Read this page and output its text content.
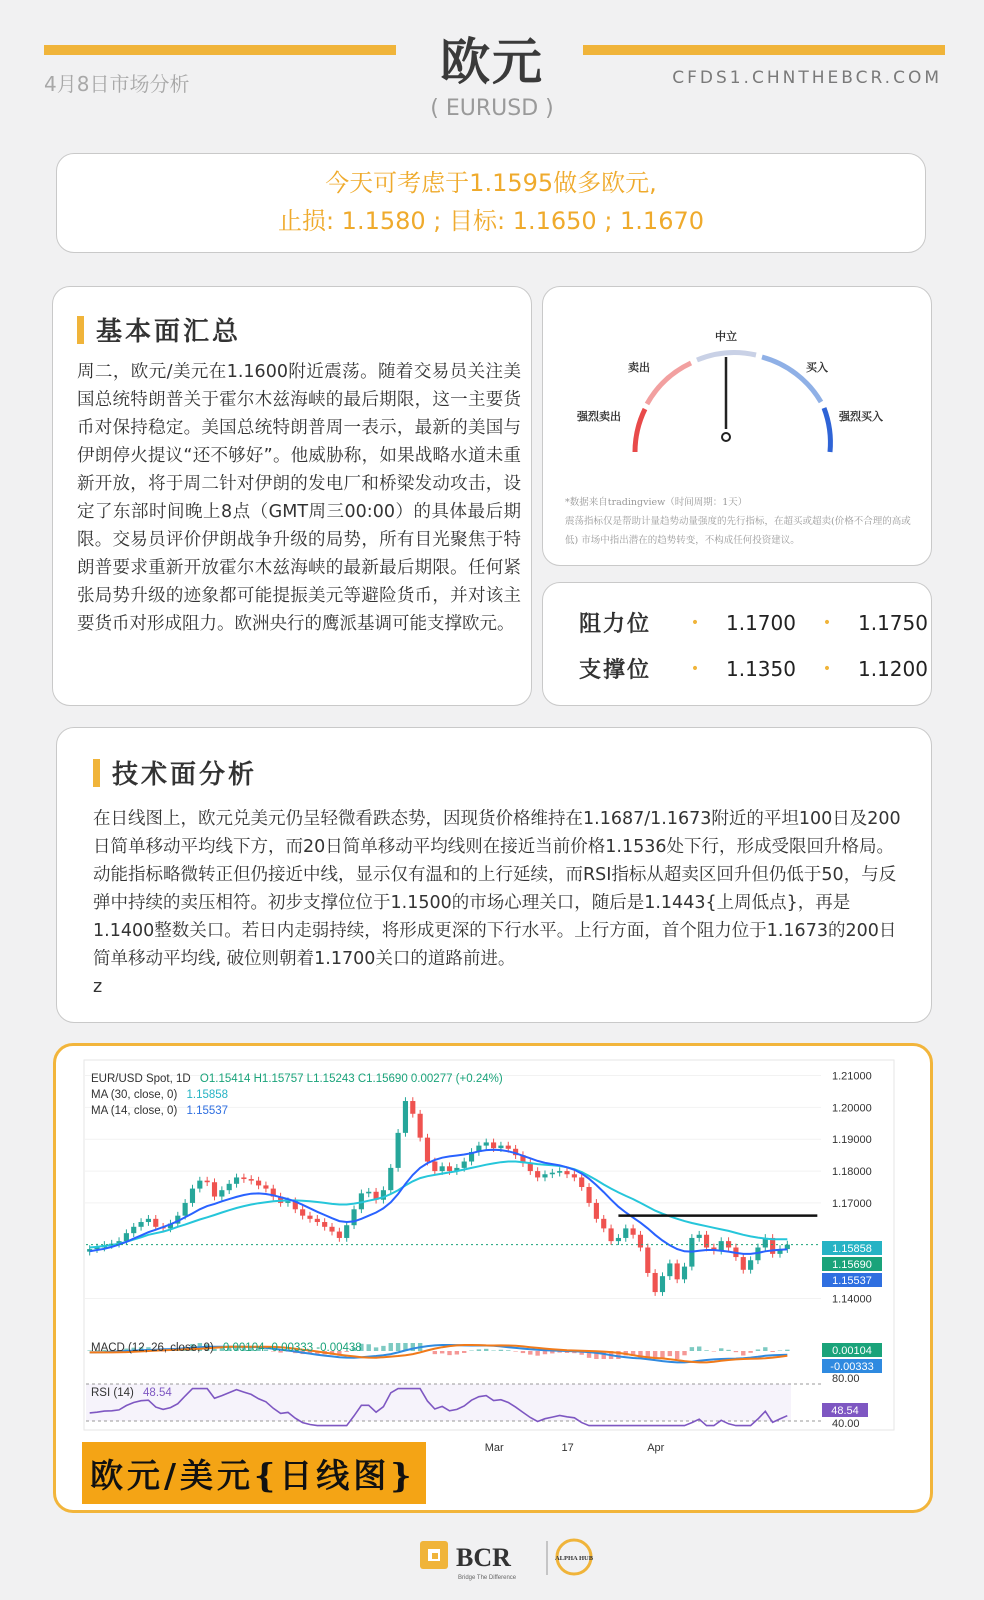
欧元
( EURUSD )
4月8日市场分析	CFDS1.CHNTHEBCR.COM
今天可考虑于1.1595做多欧元,
止损: 1.1580 ; 目标: 1.1650 ; 1.1670
基本面汇总
周二，欧元/美元在1.1600附近震荡。随着交易员关注美国总统特朗普关于霍尔木兹海峡的最后期限，这一主要货币对保持稳定。美国总统特朗普周一表示，最新的美国与伊朗停火提议“还不够好”。他威胁称，如果战略水道未重新开放，将于周二针对伊朗的发电厂和桥梁发动攻击，设定了东部时间晚上8点（GMT周三00:00）的具体最后期限。交易员评价伊朗战争升级的局势，所有目光聚焦于特朗普要求重新开放霍尔木兹海峡的最新最后期限。任何紧张局势升级的迹象都可能提振美元等避险货币，并对该主要货币对形成阻力。欧洲央行的鹰派基调可能支撑欧元。
中立
卖出	买入
强烈卖出	强烈买入
*数据来自tradingview（时间周期：1天）
震荡指标仅是帮助计量趋势动量强度的先行指标，在超买或超卖(价格不合理的高或低) 市场中指出潜在的趋势转变，不构成任何投资建议。
阻力位	•	1.1700	•	1.1750
支撑位	•	1.1350	•	1.1200
技术面分析
在日线图上，欧元兑美元仍呈轻微看跌态势，因现货价格维持在1.1687/1.1673附近的平坦100日及200日简单移动平均线下方，而20日简单移动平均线则在接近当前价格1.1536处下行，形成受限回升格局。动能指标略微转正但仍接近中线，显示仅有温和的上行延续，而RSI指标从超卖区回升但仍低于50，与反弹中持续的卖压相符。初步支撑位位于1.1500的市场心理关口，随后是1.1443{上周低点}，再是1.1400整数关口。若日内走弱持续，将形成更深的下行水平。上行方面，首个阻力位于1.1673的200日简单移动平均线, 破位则朝着1.1700关口的道路前进。
z
1.21000
1.20000
1.19000
1.18000
1.17000
1.14000
Mar	17	Apr
0.00104
-0.00333
80.00
40.00
48.54
1.15858
1.15690
1.15537
EUR/USD Spot, 1D O1.15414 H1.15757 L1.15243 C1.15690 0.00277 (+0.24%)
MA (30, close, 0) 1.15858
MA (14, close, 0) 1.15537
MACD (12, 26, close, 9) 0.00104 -0.00333 -0.00438
RSI (14) 48.54
欧元/美元{日线图}
BCR
Bridge The Difference
ALPHA HUB
